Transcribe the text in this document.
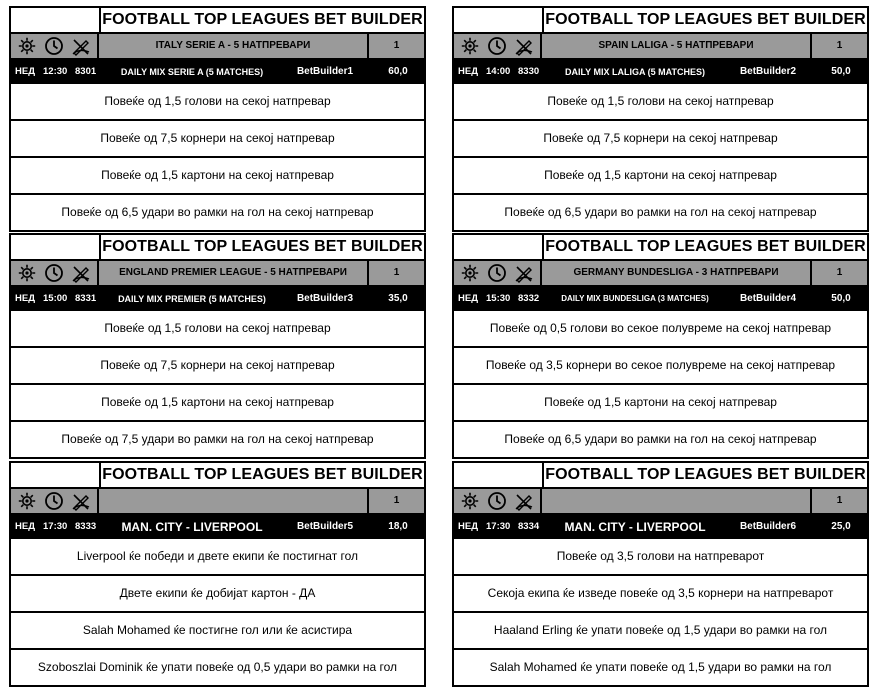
FOOTBALL TOP LEAGUES BET BUILDER
ITALY SERIE A - 5 НАТПРЕВАРИ	1
НЕД 12:30 8301	DAILY MIX SERIE A (5 MATCHES)	BetBuilder1	60,0
Повеќе од 1,5 голови на секој натпревар
Повеќе од 7,5 корнери на секој натпревар
Повеќе од 1,5 картони на секој натпревар
Повеќе од 6,5 удари во рамки на гол на секој натпревар
FOOTBALL TOP LEAGUES BET BUILDER
SPAIN LALIGA - 5 НАТПРЕВАРИ	1
НЕД 14:00 8330	DAILY MIX LALIGA (5 MATCHES)	BetBuilder2	50,0
Повеќе од 1,5 голови на секој натпревар
Повеќе од 7,5 корнери на секој натпревар
Повеќе од 1,5 картони на секој натпревар
Повеќе од 6,5 удари во рамки на гол на секој натпревар
FOOTBALL TOP LEAGUES BET BUILDER
ENGLAND PREMIER LEAGUE - 5 НАТПРЕВАРИ	1
НЕД 15:00 8331	DAILY MIX PREMIER (5 MATCHES)	BetBuilder3	35,0
Повеќе од 1,5 голови на секој натпревар
Повеќе од 7,5 корнери на секој натпревар
Повеќе од 1,5 картони на секој натпревар
Повеќе од 7,5 удари во рамки на гол на секој натпревар
FOOTBALL TOP LEAGUES BET BUILDER
GERMANY BUNDESLIGA - 3 НАТПРЕВАРИ	1
НЕД 15:30 8332	DAILY MIX BUNDESLIGA (3 MATCHES)	BetBuilder4	50,0
Повеќе од 0,5 голови во секое полувреме на секој натпревар
Повеќе од 3,5 корнери во секое полувреме на секој натпревар
Повеќе од 1,5 картони на секој натпревар
Повеќе од 6,5 удари во рамки на гол на секој натпревар
FOOTBALL TOP LEAGUES BET BUILDER
1
НЕД 17:30 8333	MAN. CITY - LIVERPOOL	BetBuilder5	18,0
Liverpool ќе победи и двете екипи ќе постигнат гол
Двете екипи ќе добијат картон - ДА
Salah Mohamed ќе постигне гол или ќе асистира
Szoboszlai Dominik ќе упати повеќе од 0,5 удари во рамки на гол
FOOTBALL TOP LEAGUES BET BUILDER
1
НЕД 17:30 8334	MAN. CITY - LIVERPOOL	BetBuilder6	25,0
Повеќе од 3,5 голови на натпреварот
Секоја екипа ќе изведе повеќе од 3,5 корнери на натпреварот
Haaland Erling ќе упати повеќе од 1,5 удари во рамки на гол
Salah Mohamed ќе упати повеќе од 1,5 удари во рамки на гол
